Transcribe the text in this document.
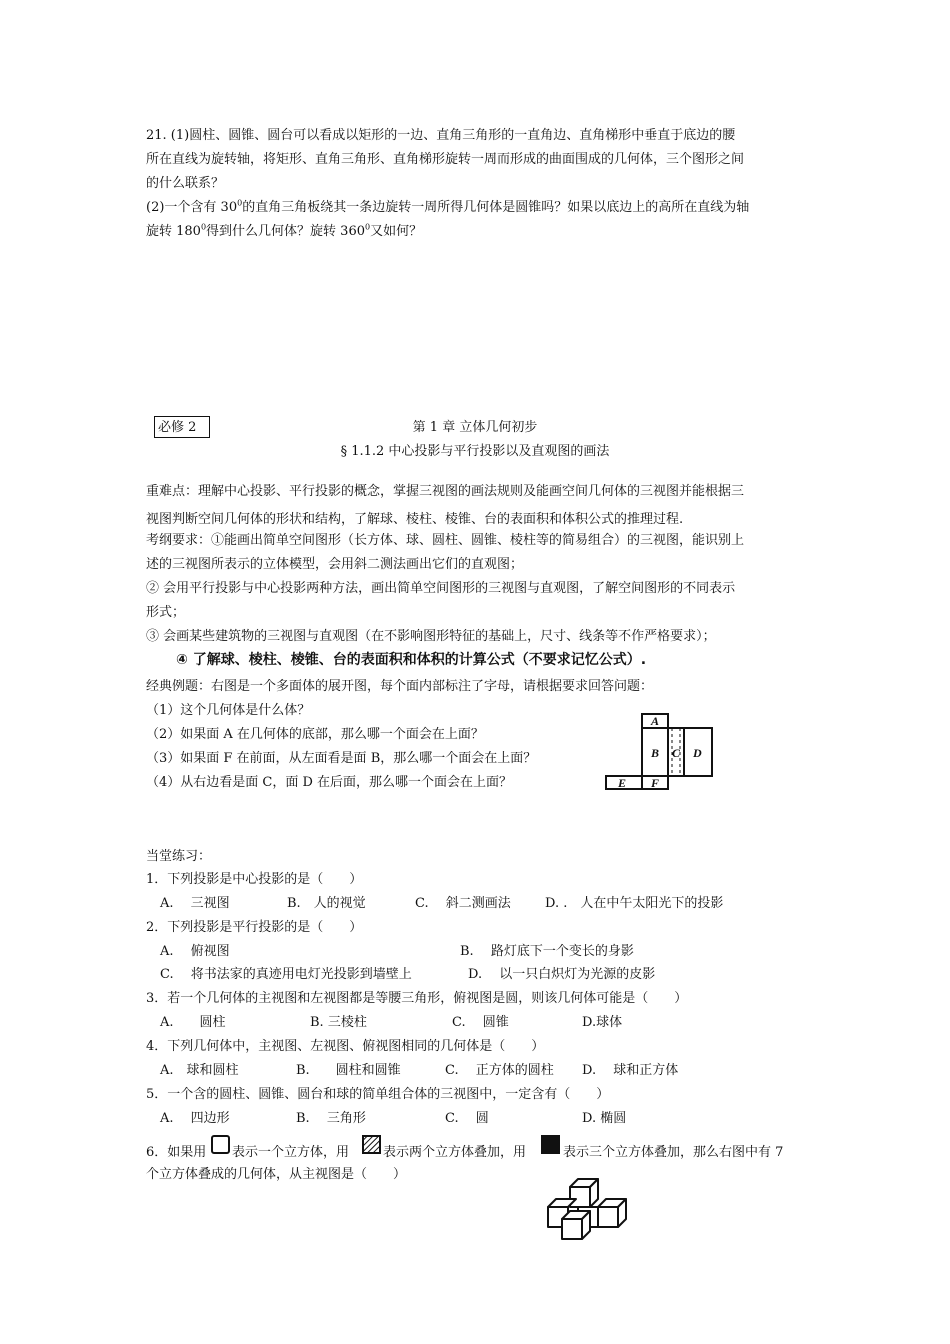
21. (1)圆柱、圆锥、圆台可以看成以矩形的一边、直角三角形的一直角边、直角梯形中垂直于底边的腰
所在直线为旋转轴，将矩形、直角三角形、直角梯形旋转一周而形成的曲面围成的几何体，三个图形之间
的什么联系？
(2)一个含有 $30^0$的直角三角板绕其一条边旋转一周所得几何体是圆锥吗？如果以底边上的高所在直线为轴
旋转 $180^0$得到什么几何体？旋转 $360^0$又如何？
必修 2	第 1 章 立体几何初步
§ 1.1.2 中心投影与平行投影以及直观图的画法
重难点：理解中心投影、平行投影的概念，掌握三视图的画法规则及能画空间几何体的三视图并能根据三
视图判断空间几何体的形状和结构，了解球、棱柱、棱锥、台的表面积和体积公式的推理过程.
考纲要求：①能画出简单空间图形（长方体、球、圆柱、圆锥、棱柱等的简易组合）的三视图，能识别上
述的三视图所表示的立体模型，会用斜二测法画出它们的直观图；
② 会用平行投影与中心投影两种方法，画出简单空间图形的三视图与直观图，了解空间图形的不同表示
形式；
③ 会画某些建筑物的三视图与直观图（在不影响图形特征的基础上，尺寸、线条等不作严格要求）；
④ 了解球、棱柱、棱锥、台的表面积和体积的计算公式（不要求记忆公式）.
经典例题：右图是一个多面体的展开图，每个面内部标注了字母，请根据要求回答问题：
（1）这个几何体是什么体？
（2）如果面 A 在几何体的底部，那么哪一个面会在上面？
（3）如果面 F 在前面，从左面看是面 B，那么哪一个面会在上面？
（4）从右边看是面 C，面 D 在后面，那么哪一个面会在上面？
A
B C D
E F
当堂练习：
1．下列投影是中心投影的是（　　）
A.　 三视图	B.　人的视觉	C.　 斜二测画法	D. .　人在中午太阳光下的投影
2．下列投影是平行投影的是（　　）
A.　 俯视图	B.　 路灯底下一个变长的身影
C.　 将书法家的真迹用电灯光投影到墙壁上	D.　 以一只白炽灯为光源的皮影
3．若一个几何体的主视图和左视图都是等腰三角形，俯视图是圆，则该几何体可能是（　　）
A.　　圆柱	B. 三棱柱	C.　 圆锥	D.球体
4．下列几何体中，主视图、左视图、俯视图相同的几何体是（　　）
A.　球和圆柱	B.　　圆柱和圆锥	C.　 正方体的圆柱 D.　 球和正方体
5．一个含的圆柱、圆锥、圆台和球的简单组合体的三视图中，一定含有（　　）
A.　 四边形	B.　 三角形	C.　 圆	D. 椭圆
6．如果用 表示一个立方体，用	表示两个立方体叠加，用	表示三个立方体叠加，那么右图中有 7
个立方体叠成的几何体，从主视图是（　　）
